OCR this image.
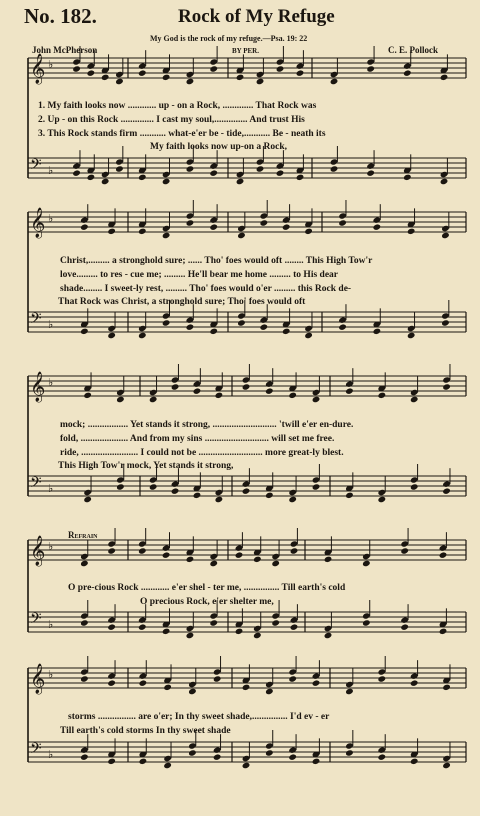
No. 182.	Rock of My Refuge
My God is the rock of my refuge.—Psa. 19: 22
John McPherson	BY PER.	C. E. Pollock
𝄞 ♭
𝄢 ♭
𝄞 ♭
𝄢 ♭
𝄞 ♭
𝄢 ♭
𝄞 ♭
𝄢 ♭
𝄞 ♭
𝄢 ♭
1. My faith looks now ............ up - on a Rock, ............. That Rock was
2. Up - on this Rock .............. I cast my soul,.............. And trust His
3. This Rock stands firm ........... what-e'er be - tide,........... Be - neath its
My faith looks now up-on a Rock,
Christ,......... a stronghold sure; ...... Tho' foes would oft ........ This High Tow'r
love......... to res - cue me; ......... He'll bear me home ......... to His dear
shade........ I sweet-ly rest, ......... Tho' foes would o'er ......... this Rock de-
That Rock was Christ, a stronghold sure; Tho' foes would oft
mock; ................. Yet stands it strong, ........................... 'twill e'er en-dure.
fold, .................... And from my sins ........................... will set me free.
ride, ........................ I could not be ........................... more great-ly blest.
This High Tow'r mock, Yet stands it strong,
Refrain
O pre-cious Rock ............ e'er shel - ter me, ............... Till earth's cold
O precious Rock, e'er shelter me,
storms ................ are o'er; In thy sweet shade,............... I'd ev - er
Till earth's cold storms In thy sweet shade
